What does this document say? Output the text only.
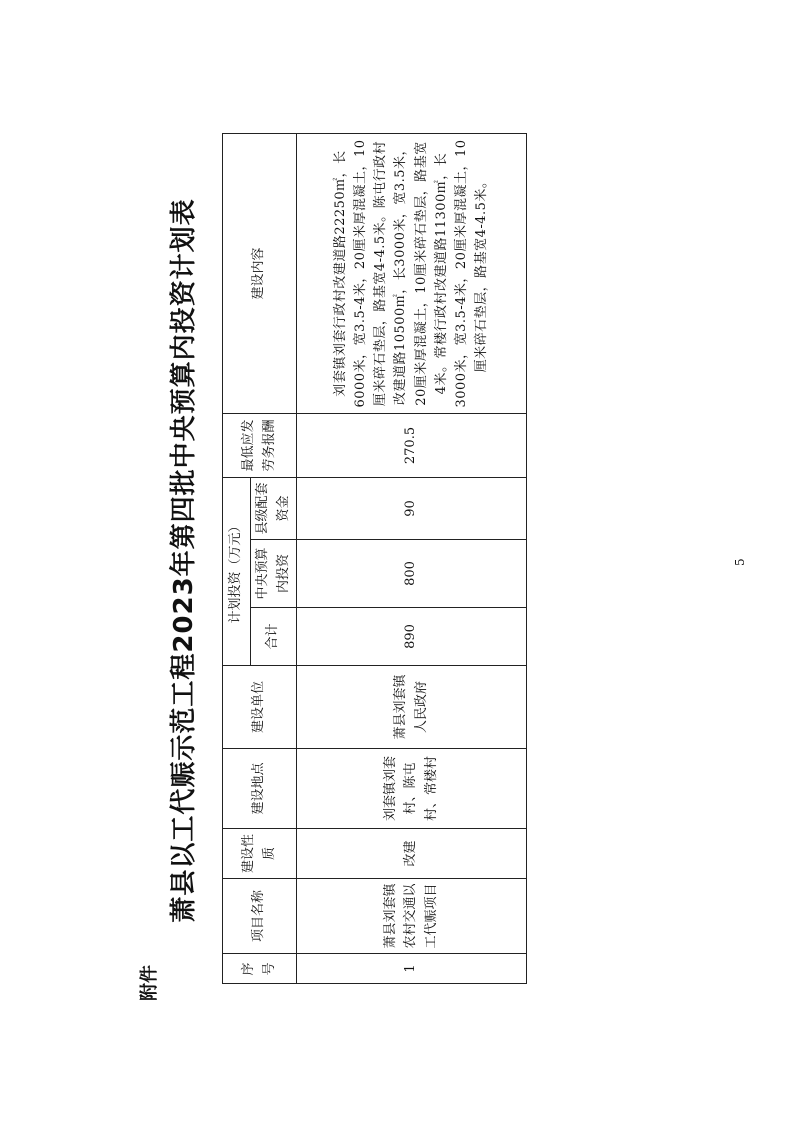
附件
萧县以工代赈示范工程2023年第四批中央预算内投资计划表
序号	项目名称	建设性质	建设地点	建设单位	计划投资（万元）			最低应发劳务报酬	建设内容
					合计	中央预算内投资	县级配套资金		
1	萧县刘套镇农村交通以工代赈项目	改建	刘套镇刘套村、陈屯村、常楼村	萧县刘套镇人民政府	890	800	90	270.5	刘套镇刘套行政村改建道路22250㎡，长6000米，宽3.5-4米，20厘米厚混凝土，10厘米碎石垫层，路基宽4-4.5米。陈屯行政村改建道路10500㎡，长3000米，宽3.5米，20厘米厚混凝土，10厘米碎石垫层，路基宽4米。常楼行政村改建道路11300㎡，长3000米，宽3.5-4米，20厘米厚混凝土，10厘米碎石垫层，路基宽4-4.5米。
5
